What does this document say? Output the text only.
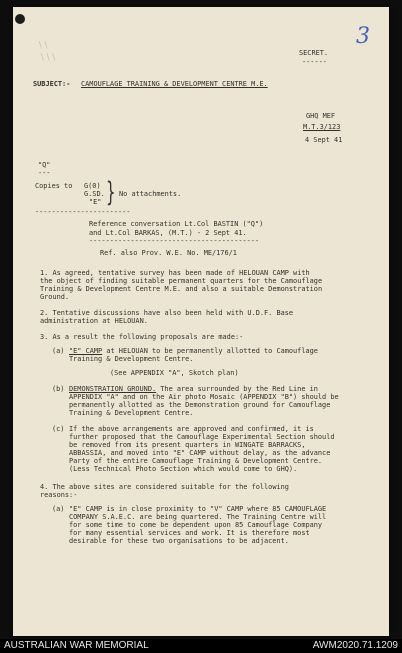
∖∖
∖∖∖
3
SECRET.
------
SUBJECT:- CAMOUFLAGE TRAINING & DEVELOPMENT CENTRE M.E.
GHQ MEF
M.T.3/123
4 Sept 41
"Q"
---
Copies to G(0)
G.SD.
"E" } No attachments.
-----------------------
Reference conversation Lt.Col BASTIN ("Q")
and Lt.Col BARKAS, (M.T.) - 2 Sept 41.
-----------------------------------------
Ref. also Prov. W.E. No. ME/176/1
1. As agreed, tentative survey has been made of HELOUAN CAMP with
the object of finding suitable permanent quarters for the Camouflage
Training & Development Centre M.E. and also a suitable Demonstration
Ground.
2. Tentative discussions have also been held with U.D.F. Base
administration at HELOUAN.
3. As a result the following proposals are made:-
(a) "E" CAMP at HELOUAN to be permanently allotted to Camouflage
Training & Development Centre.
(See APPENDIX "A", Skotch plan)
(b) DEMONSTRATION GROUND. The area surrounded by the Red Line in
APPENDIX "A" and on the Air photo Mosaic (APPENDIX "B") should be
permanently allotted as the Demonstration ground for Camouflage
Training & Development Centre.
(c) If the above arrangements are approved and confirmed, it is
further proposed that the Camouflage Experimental Section should
be removed from its present quarters in WINGATE BARRACKS,
ABBASSIA, and moved into "E" CAMP without delay, as the advance
Party of the entire Camouflage Training & Development Centre.
(Less Technical Photo Section which would come to GHQ).
4. The above sites are considered suitable for the following
reasons:-
(a) "E" CAMP is in close proximity to "V" CAMP where 85 CAMOUFLAGE
COMPANY S.A.E.C. are being quartered. The Training Centre will
for some time to come be dependent upon 85 Camouflage Company
for many essential services and work. It is therefore most
desirable for these two organisations to be adjacent.
AUSTRALIAN WAR MEMORIAL	AWM2020.71.1209
